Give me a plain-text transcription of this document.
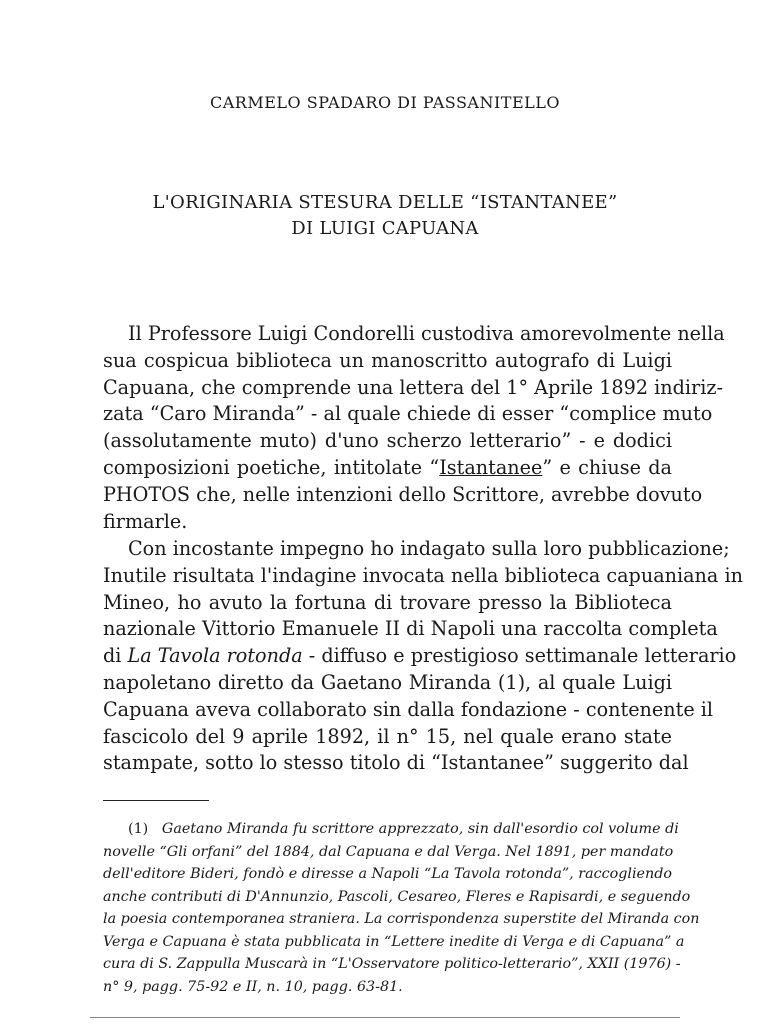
CARMELO SPADARO DI PASSANITELLO
L'ORIGINARIA STESURA DELLE “ISTANTANEE”
DI LUIGI CAPUANA
Il Professore Luigi Condorelli custodiva amorevolmente nella
sua cospicua biblioteca un manoscritto autografo di Luigi
Capuana, che comprende una lettera del 1° Aprile 1892 indiriz-
zata “Caro Miranda” - al quale chiede di esser “complice muto
(assolutamente muto) d'uno scherzo letterario” - e dodici
composizioni poetiche, intitolate “Istantanee” e chiuse da
PHOTOS che, nelle intenzioni dello Scrittore, avrebbe dovuto
firmarle.
Con incostante impegno ho indagato sulla loro pubblicazione;
Inutile risultata l'indagine invocata nella biblioteca capuaniana in
Mineo, ho avuto la fortuna di trovare presso la Biblioteca
nazionale Vittorio Emanuele II di Napoli una raccolta completa
di La Tavola rotonda - diffuso e prestigioso settimanale letterario
napoletano diretto da Gaetano Miranda (1), al quale Luigi
Capuana aveva collaborato sin dalla fondazione - contenente il
fascicolo del 9 aprile 1892, il n° 15, nel quale erano state
stampate, sotto lo stesso titolo di “Istantanee” suggerito dal
(1) Gaetano Miranda fu scrittore apprezzato, sin dall'esordio col volume di
novelle “Gli orfani” del 1884, dal Capuana e dal Verga. Nel 1891, per mandato
dell'editore Bideri, fondò e diresse a Napoli “La Tavola rotonda”, raccogliendo
anche contributi di D'Annunzio, Pascoli, Cesareo, Fleres e Rapisardi, e seguendo
la poesia contemporanea straniera. La corrispondenza superstite del Miranda con
Verga e Capuana è stata pubblicata in “Lettere inedite di Verga e di Capuana” a
cura di S. Zappulla Muscarà in “L'Osservatore politico-letterario”, XXII (1976) -
n° 9, pagg. 75-92 e II, n. 10, pagg. 63-81.
